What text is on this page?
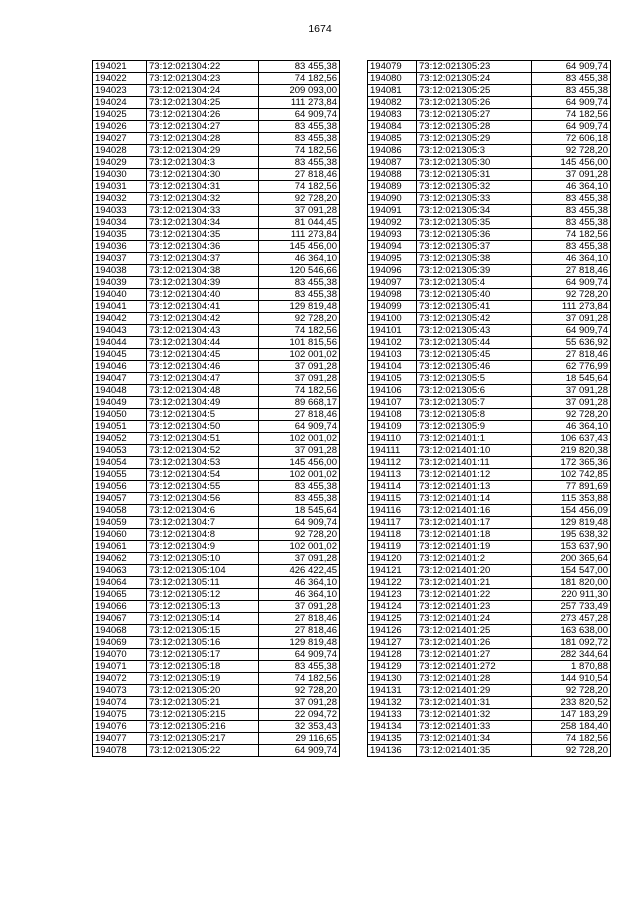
1674
194021	73:12:021304:22	83 455,38
194022	73:12:021304:23	74 182,56
194023	73:12:021304:24	209 093,00
194024	73:12:021304:25	111 273,84
194025	73:12:021304:26	64 909,74
194026	73:12:021304:27	83 455,38
194027	73:12:021304:28	83 455,38
194028	73:12:021304:29	74 182,56
194029	73:12:021304:3	83 455,38
194030	73:12:021304:30	27 818,46
194031	73:12:021304:31	74 182,56
194032	73:12:021304:32	92 728,20
194033	73:12:021304:33	37 091,28
194034	73:12:021304:34	81 044,45
194035	73:12:021304:35	111 273,84
194036	73:12:021304:36	145 456,00
194037	73:12:021304:37	46 364,10
194038	73:12:021304:38	120 546,66
194039	73:12:021304:39	83 455,38
194040	73:12:021304:40	83 455,38
194041	73:12:021304:41	129 819,48
194042	73:12:021304:42	92 728,20
194043	73:12:021304:43	74 182,56
194044	73:12:021304:44	101 815,56
194045	73:12:021304:45	102 001,02
194046	73:12:021304:46	37 091,28
194047	73:12:021304:47	37 091,28
194048	73:12:021304:48	74 182,56
194049	73:12:021304:49	89 668,17
194050	73:12:021304:5	27 818,46
194051	73:12:021304:50	64 909,74
194052	73:12:021304:51	102 001,02
194053	73:12:021304:52	37 091,28
194054	73:12:021304:53	145 456,00
194055	73:12:021304:54	102 001,02
194056	73:12:021304:55	83 455,38
194057	73:12:021304:56	83 455,38
194058	73:12:021304:6	18 545,64
194059	73:12:021304:7	64 909,74
194060	73:12:021304:8	92 728,20
194061	73:12:021304:9	102 001,02
194062	73:12:021305:10	37 091,28
194063	73:12:021305:104	426 422,45
194064	73:12:021305:11	46 364,10
194065	73:12:021305:12	46 364,10
194066	73:12:021305:13	37 091,28
194067	73:12:021305:14	27 818,46
194068	73:12:021305:15	27 818,46
194069	73:12:021305:16	129 819,48
194070	73:12:021305:17	64 909,74
194071	73:12:021305:18	83 455,38
194072	73:12:021305:19	74 182,56
194073	73:12:021305:20	92 728,20
194074	73:12:021305:21	37 091,28
194075	73:12:021305:215	22 094,72
194076	73:12:021305:216	32 353,43
194077	73:12:021305:217	29 116,65
194078	73:12:021305:22	64 909,74
194079	73:12:021305:23	64 909,74
194080	73:12:021305:24	83 455,38
194081	73:12:021305:25	83 455,38
194082	73:12:021305:26	64 909,74
194083	73:12:021305:27	74 182,56
194084	73:12:021305:28	64 909,74
194085	73:12:021305:29	72 606,18
194086	73:12:021305:3	92 728,20
194087	73:12:021305:30	145 456,00
194088	73:12:021305:31	37 091,28
194089	73:12:021305:32	46 364,10
194090	73:12:021305:33	83 455,38
194091	73:12:021305:34	83 455,38
194092	73:12:021305:35	83 455,38
194093	73:12:021305:36	74 182,56
194094	73:12:021305:37	83 455,38
194095	73:12:021305:38	46 364,10
194096	73:12:021305:39	27 818,46
194097	73:12:021305:4	64 909,74
194098	73:12:021305:40	92 728,20
194099	73:12:021305:41	111 273,84
194100	73:12:021305:42	37 091,28
194101	73:12:021305:43	64 909,74
194102	73:12:021305:44	55 636,92
194103	73:12:021305:45	27 818,46
194104	73:12:021305:46	62 776,99
194105	73:12:021305:5	18 545,64
194106	73:12:021305:6	37 091,28
194107	73:12:021305:7	37 091,28
194108	73:12:021305:8	92 728,20
194109	73:12:021305:9	46 364,10
194110	73:12:021401:1	106 637,43
194111	73:12:021401:10	219 820,38
194112	73:12:021401:11	172 365,36
194113	73:12:021401:12	102 742,85
194114	73:12:021401:13	77 891,69
194115	73:12:021401:14	115 353,88
194116	73:12:021401:16	154 456,09
194117	73:12:021401:17	129 819,48
194118	73:12:021401:18	195 638,32
194119	73:12:021401:19	153 637,90
194120	73:12:021401:2	200 365,64
194121	73:12:021401:20	154 547,00
194122	73:12:021401:21	181 820,00
194123	73:12:021401:22	220 911,30
194124	73:12:021401:23	257 733,49
194125	73:12:021401:24	273 457,28
194126	73:12:021401:25	163 638,00
194127	73:12:021401:26	181 092,72
194128	73:12:021401:27	282 344,64
194129	73:12:021401:272	1 870,88
194130	73:12:021401:28	144 910,54
194131	73:12:021401:29	92 728,20
194132	73:12:021401:31	233 820,52
194133	73:12:021401:32	147 183,29
194134	73:12:021401:33	258 184,40
194135	73:12:021401:34	74 182,56
194136	73:12:021401:35	92 728,20
